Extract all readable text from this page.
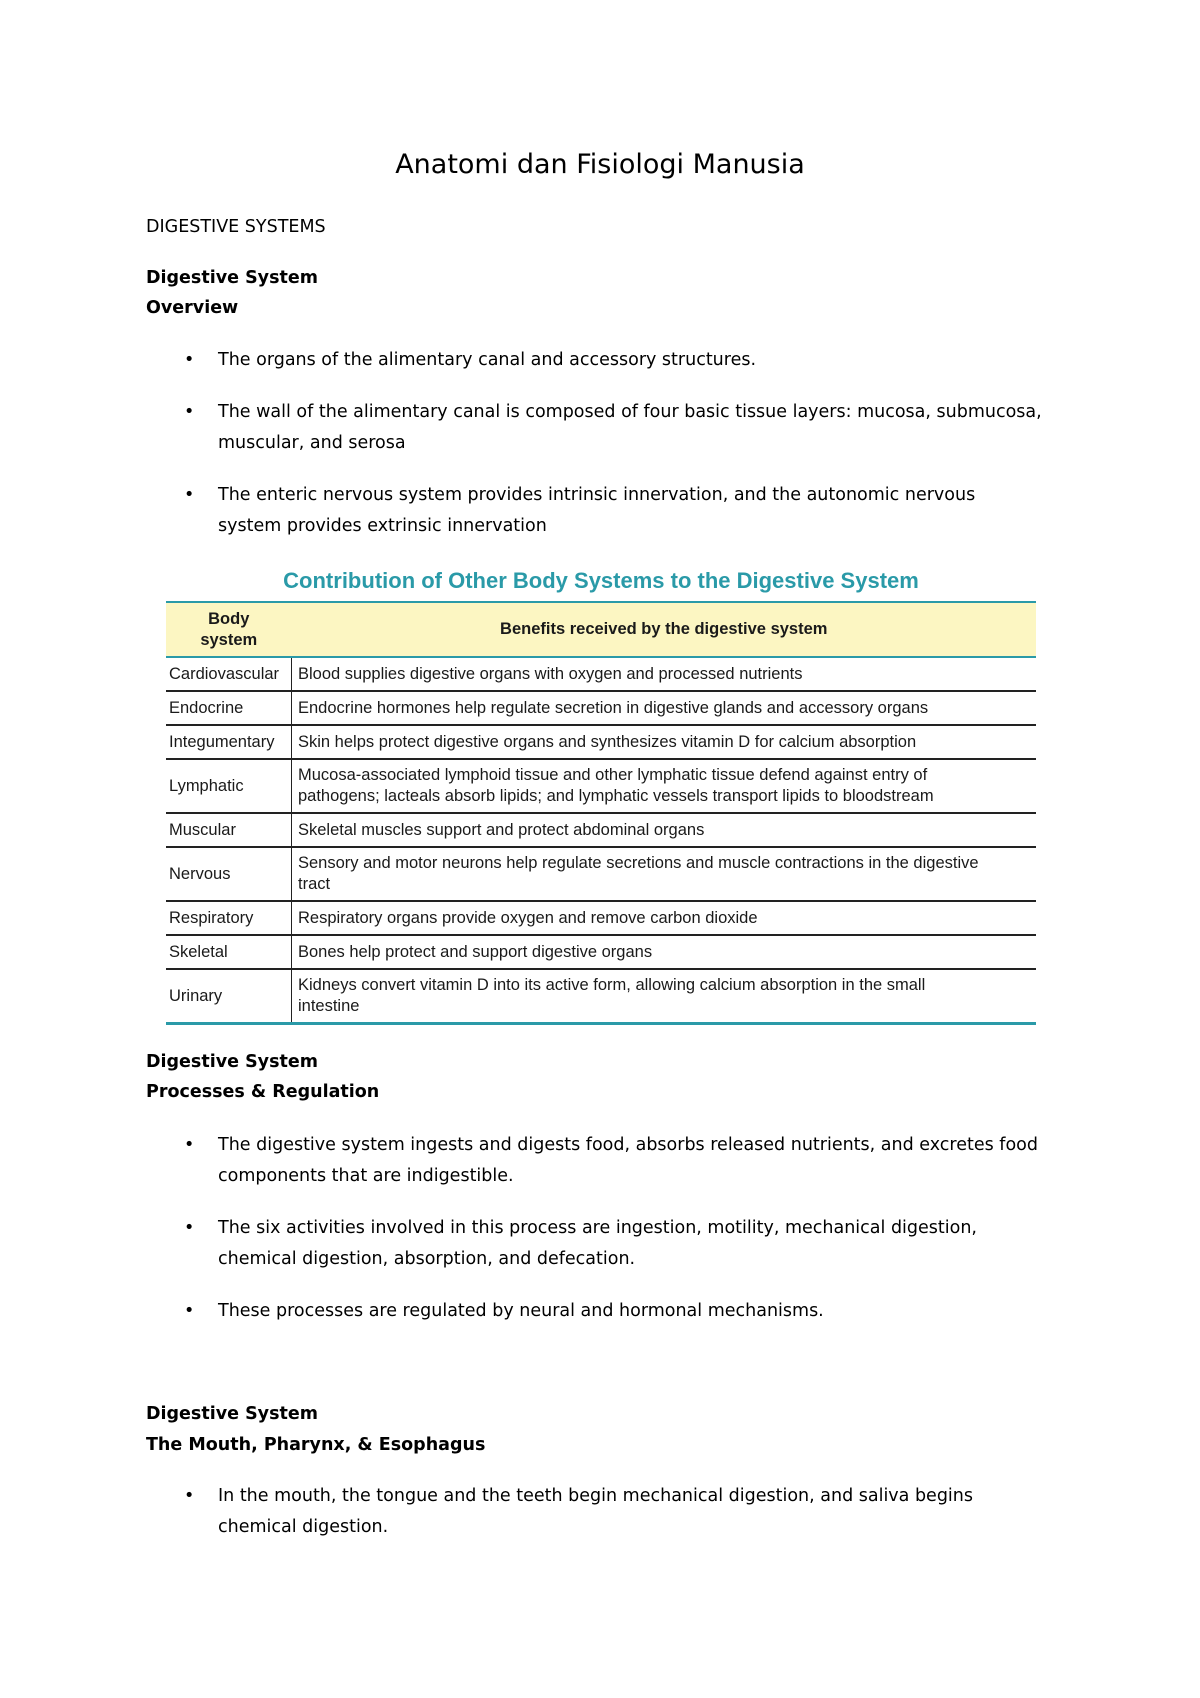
Anatomi dan Fisiologi Manusia

DIGESTIVE SYSTEMS

Digestive System

Overview

• The organs of the alimentary canal and accessory structures.
• The wall of the alimentary canal is composed of four basic tissue layers: mucosa, submucosa,
muscular, and serosa
• The enteric nervous system provides intrinsic innervation, and the autonomic nervous
system provides extrinsic innervation
Contribution of Other Body Systems to the Digestive System
Body
system	Benefits received by the digestive system
Cardiovascular	Blood supplies digestive organs with oxygen and processed nutrients
Endocrine	Endocrine hormones help regulate secretion in digestive glands and accessory organs
Integumentary	Skin helps protect digestive organs and synthesizes vitamin D for calcium absorption
Lymphatic	Mucosa-associated lymphoid tissue and other lymphatic tissue defend against entry of
pathogens; lacteals absorb lipids; and lymphatic vessels transport lipids to bloodstream
Muscular	Skeletal muscles support and protect abdominal organs
Nervous	Sensory and motor neurons help regulate secretions and muscle contractions in the digestive
tract
Respiratory	Respiratory organs provide oxygen and remove carbon dioxide
Skeletal	Bones help protect and support digestive organs
Urinary	Kidneys convert vitamin D into its active form, allowing calcium absorption in the small
intestine

Digestive System

Processes & Regulation

• The digestive system ingests and digests food, absorbs released nutrients, and excretes food
components that are indigestible.
• The six activities involved in this process are ingestion, motility, mechanical digestion,
chemical digestion, absorption, and defecation.
• These processes are regulated by neural and hormonal mechanisms.

Digestive System

The Mouth, Pharynx, & Esophagus

• In the mouth, the tongue and the teeth begin mechanical digestion, and saliva begins
chemical digestion.
